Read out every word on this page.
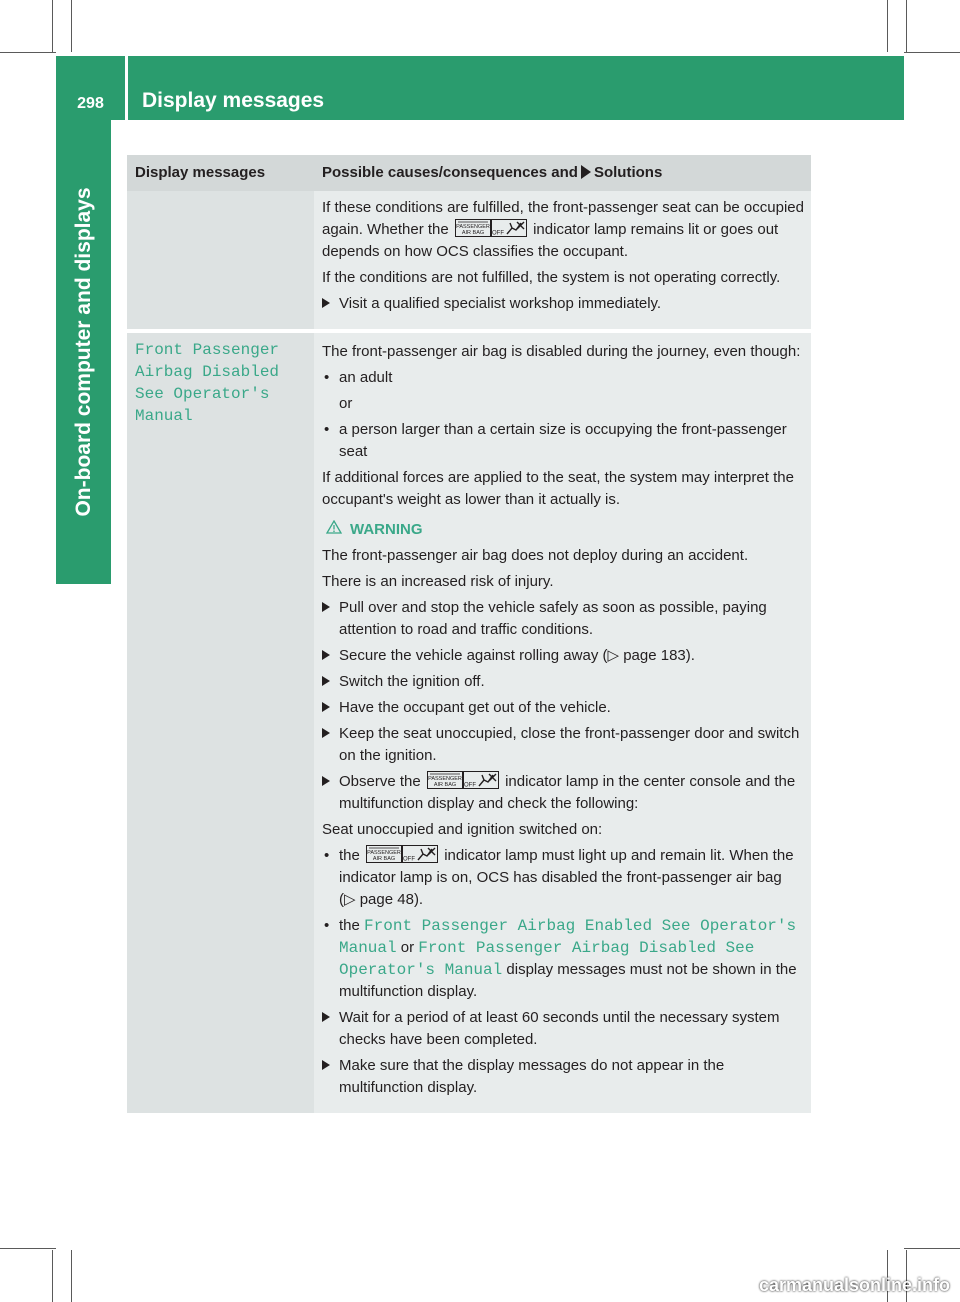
298	Display messages
On-board computer and displays
Display messages	Possible causes/consequences and Solutions

If these conditions are fulfilled, the front-passenger seat can be occupied again. Whether the PASSENGER
AIR BAG OFF indicator lamp remains lit or goes out depends on how OCS classifies the occupant.

If the conditions are not fulfilled, the system is not operating correctly.

Visit a qualified specialist workshop immediately.
Front Passenger
Airbag Disabled
See Operator's
Manual

The front-passenger air bag is disabled during the journey, even though:

• an adult
or
• a person larger than a certain size is occupying the front-passenger seat

If additional forces are applied to the seat, the system may interpret the occupant's weight as lower than it actually is.

WARNING

The front-passenger air bag does not deploy during an accident.

There is an increased risk of injury.

Pull over and stop the vehicle safely as soon as possible, paying attention to road and traffic conditions.
Secure the vehicle against rolling away (▷ page 183).
Switch the ignition off.
Have the occupant get out of the vehicle.
Keep the seat unoccupied, close the front-passenger door and switch on the ignition.
Observe the PASSENGER
AIR BAG OFF indicator lamp in the center console and the multifunction display and check the following:

Seat unoccupied and ignition switched on:

• the PASSENGER
AIR BAG OFF indicator lamp must light up and remain lit. When the indicator lamp is on, OCS has disabled the front-passenger air bag (▷ page 48).
• the Front Passenger Airbag Enabled See Operator's Manual or Front Passenger Airbag Disabled See Operator's Manual display messages must not be shown in the multifunction display.
Wait for a period of at least 60 seconds until the necessary system checks have been completed.
Make sure that the display messages do not appear in the multifunction display.
carmanualsonline.info
